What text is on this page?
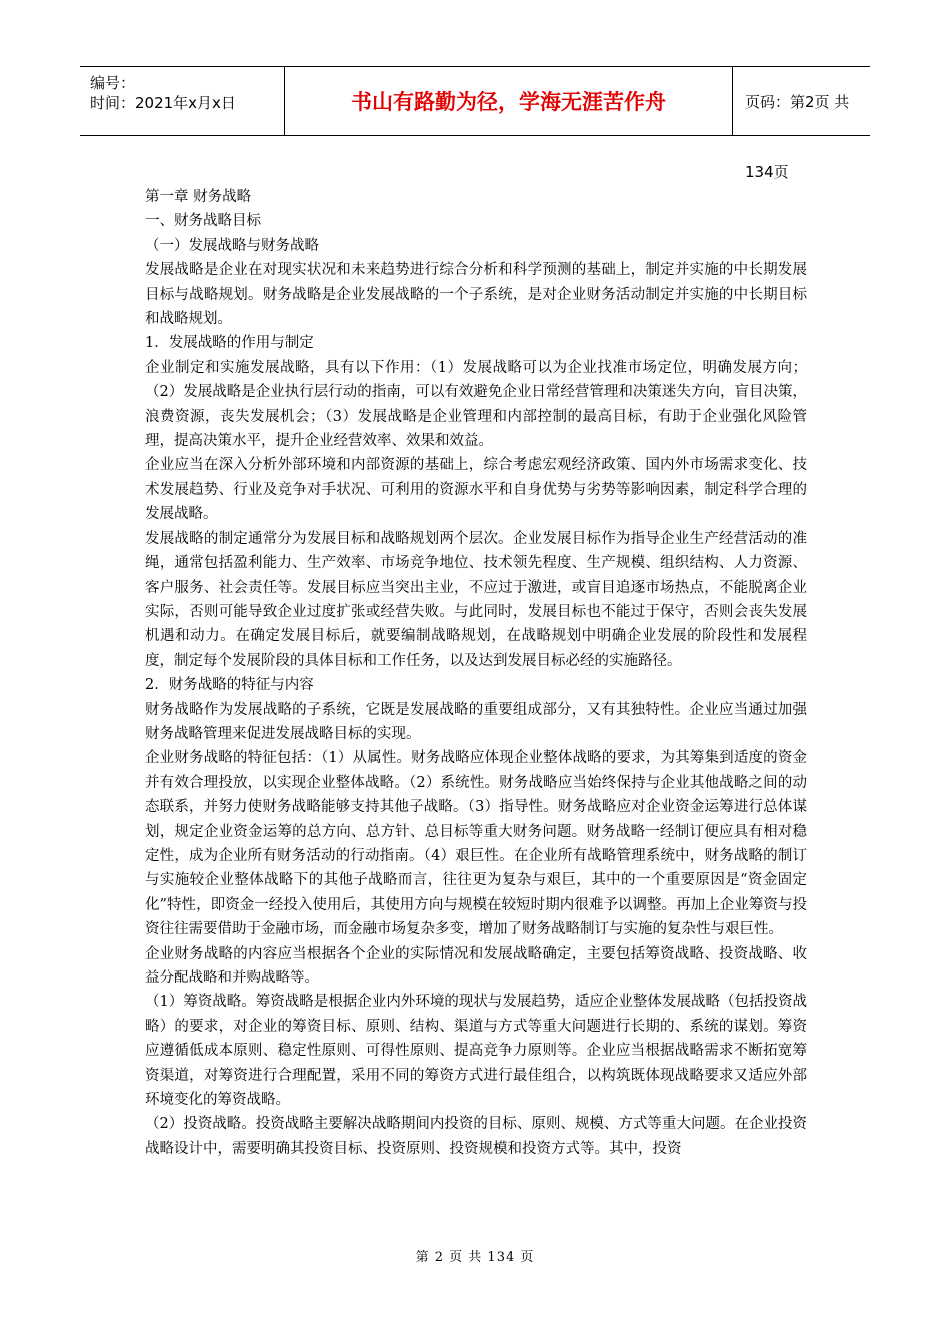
编号：
时间：2021年x月x日	书山有路勤为径，学海无涯苦作舟	页码：第2页 共134页

第一章 财务战略

一、财务战略目标

（一）发展战略与财务战略

发展战略是企业在对现实状况和未来趋势进行综合分析和科学预测的基础上，制定并实施的中长期发展目标与战略规划。财务战略是企业发展战略的一个子系统，是对企业财务活动制定并实施的中长期目标和战略规划。

1．发展战略的作用与制定

企业制定和实施发展战略，具有以下作用：（1）发展战略可以为企业找准市场定位，明确发展方向；（2）发展战略是企业执行层行动的指南，可以有效避免企业日常经营管理和决策迷失方向，盲目决策，浪费资源，丧失发展机会；（3）发展战略是企业管理和内部控制的最高目标，有助于企业强化风险管理，提高决策水平，提升企业经营效率、效果和效益。

企业应当在深入分析外部环境和内部资源的基础上，综合考虑宏观经济政策、国内外市场需求变化、技术发展趋势、行业及竞争对手状况、可利用的资源水平和自身优势与劣势等影响因素，制定科学合理的发展战略。

发展战略的制定通常分为发展目标和战略规划两个层次。企业发展目标作为指导企业生产经营活动的准绳，通常包括盈利能力、生产效率、市场竞争地位、技术领先程度、生产规模、组织结构、人力资源、客户服务、社会责任等。发展目标应当突出主业，不应过于激进，或盲目追逐市场热点，不能脱离企业实际，否则可能导致企业过度扩张或经营失败。与此同时，发展目标也不能过于保守，否则会丧失发展机遇和动力。在确定发展目标后，就要编制战略规划，在战略规划中明确企业发展的阶段性和发展程度，制定每个发展阶段的具体目标和工作任务，以及达到发展目标必经的实施路径。

2．财务战略的特征与内容

财务战略作为发展战略的子系统，它既是发展战略的重要组成部分，又有其独特性。企业应当通过加强财务战略管理来促进发展战略目标的实现。

企业财务战略的特征包括：（1）从属性。财务战略应体现企业整体战略的要求，为其筹集到适度的资金并有效合理投放，以实现企业整体战略。（2）系统性。财务战略应当始终保持与企业其他战略之间的动态联系，并努力使财务战略能够支持其他子战略。（3）指导性。财务战略应对企业资金运筹进行总体谋划，规定企业资金运筹的总方向、总方针、总目标等重大财务问题。财务战略一经制订便应具有相对稳定性，成为企业所有财务活动的行动指南。（4）艰巨性。在企业所有战略管理系统中，财务战略的制订与实施较企业整体战略下的其他子战略而言，往往更为复杂与艰巨，其中的一个重要原因是“资金固定化”特性，即资金一经投入使用后，其使用方向与规模在较短时期内很难予以调整。再加上企业筹资与投资往往需要借助于金融市场，而金融市场复杂多变，增加了财务战略制订与实施的复杂性与艰巨性。

企业财务战略的内容应当根据各个企业的实际情况和发展战略确定，主要包括筹资战略、投资战略、收益分配战略和并购战略等。

（1）筹资战略。筹资战略是根据企业内外环境的现状与发展趋势，适应企业整体发展战略（包括投资战略）的要求，对企业的筹资目标、原则、结构、渠道与方式等重大问题进行长期的、系统的谋划。筹资应遵循低成本原则、稳定性原则、可得性原则、提高竞争力原则等。企业应当根据战略需求不断拓宽筹资渠道，对筹资进行合理配置，采用不同的筹资方式进行最佳组合，以构筑既体现战略要求又适应外部环境变化的筹资战略。

（2）投资战略。投资战略主要解决战略期间内投资的目标、原则、规模、方式等重大问题。在企业投资战略设计中，需要明确其投资目标、投资原则、投资规模和投资方式等。其中，投资

第 2 页 共 134 页
